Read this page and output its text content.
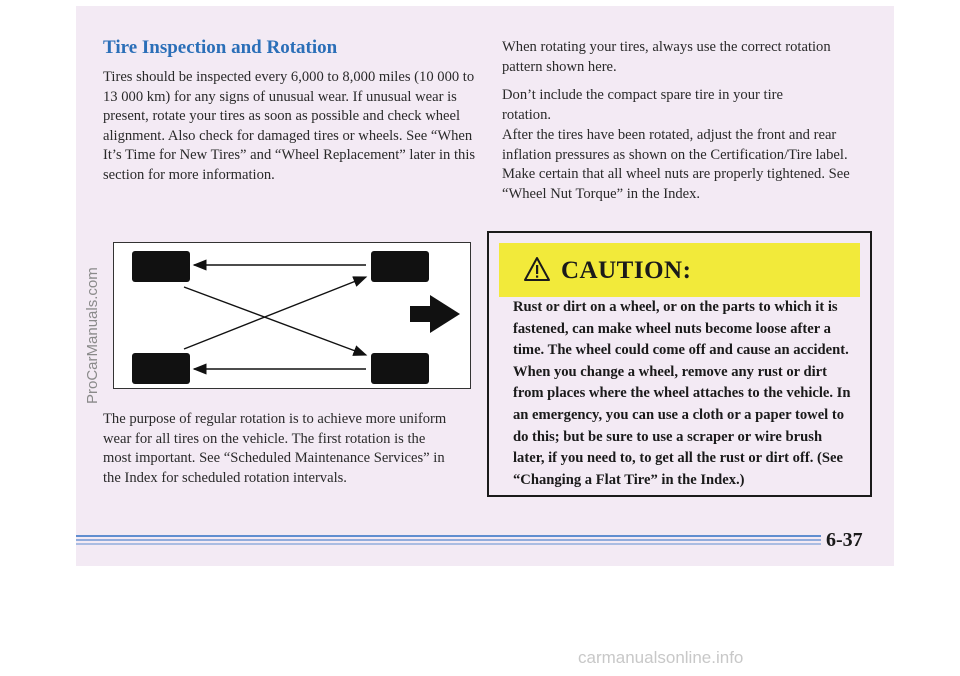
Tire Inspection and Rotation

Tires should be inspected every 6,000 to 8,000 miles (10 000 to 13 000 km) for any signs of unusual wear. If unusual wear is present, rotate your tires as soon as possible and check wheel alignment. Also check for damaged tires or wheels. See “When It’s Time for New Tires” and “Wheel Replacement” later in this section for more information.

The purpose of regular rotation is to achieve more uniform wear for all tires on the vehicle. The first rotation is the most important. See “Scheduled Maintenance Services” in the Index for scheduled rotation intervals.

When rotating your tires, always use the correct rotation pattern shown here.

Don’t include the compact spare tire in your tire rotation.

After the tires have been rotated, adjust the front and rear inflation pressures as shown on the Certification/Tire label. Make certain that all wheel nuts are properly tightened. See “Wheel Nut Torque” in the Index.

CAUTION:

Rust or dirt on a wheel, or on the parts to which it is fastened, can make wheel nuts become loose after a time. The wheel could come off and cause an accident. When you change a wheel, remove any rust or dirt from places where the wheel attaches to the vehicle. In an emergency, you can use a cloth or a paper towel to do this; but be sure to use a scraper or wire brush later, if you need to, to get all the rust or dirt off. (See “Changing a Flat Tire” in the Index.)

6-37

ProCarManuals.com

carmanualsonline.info
